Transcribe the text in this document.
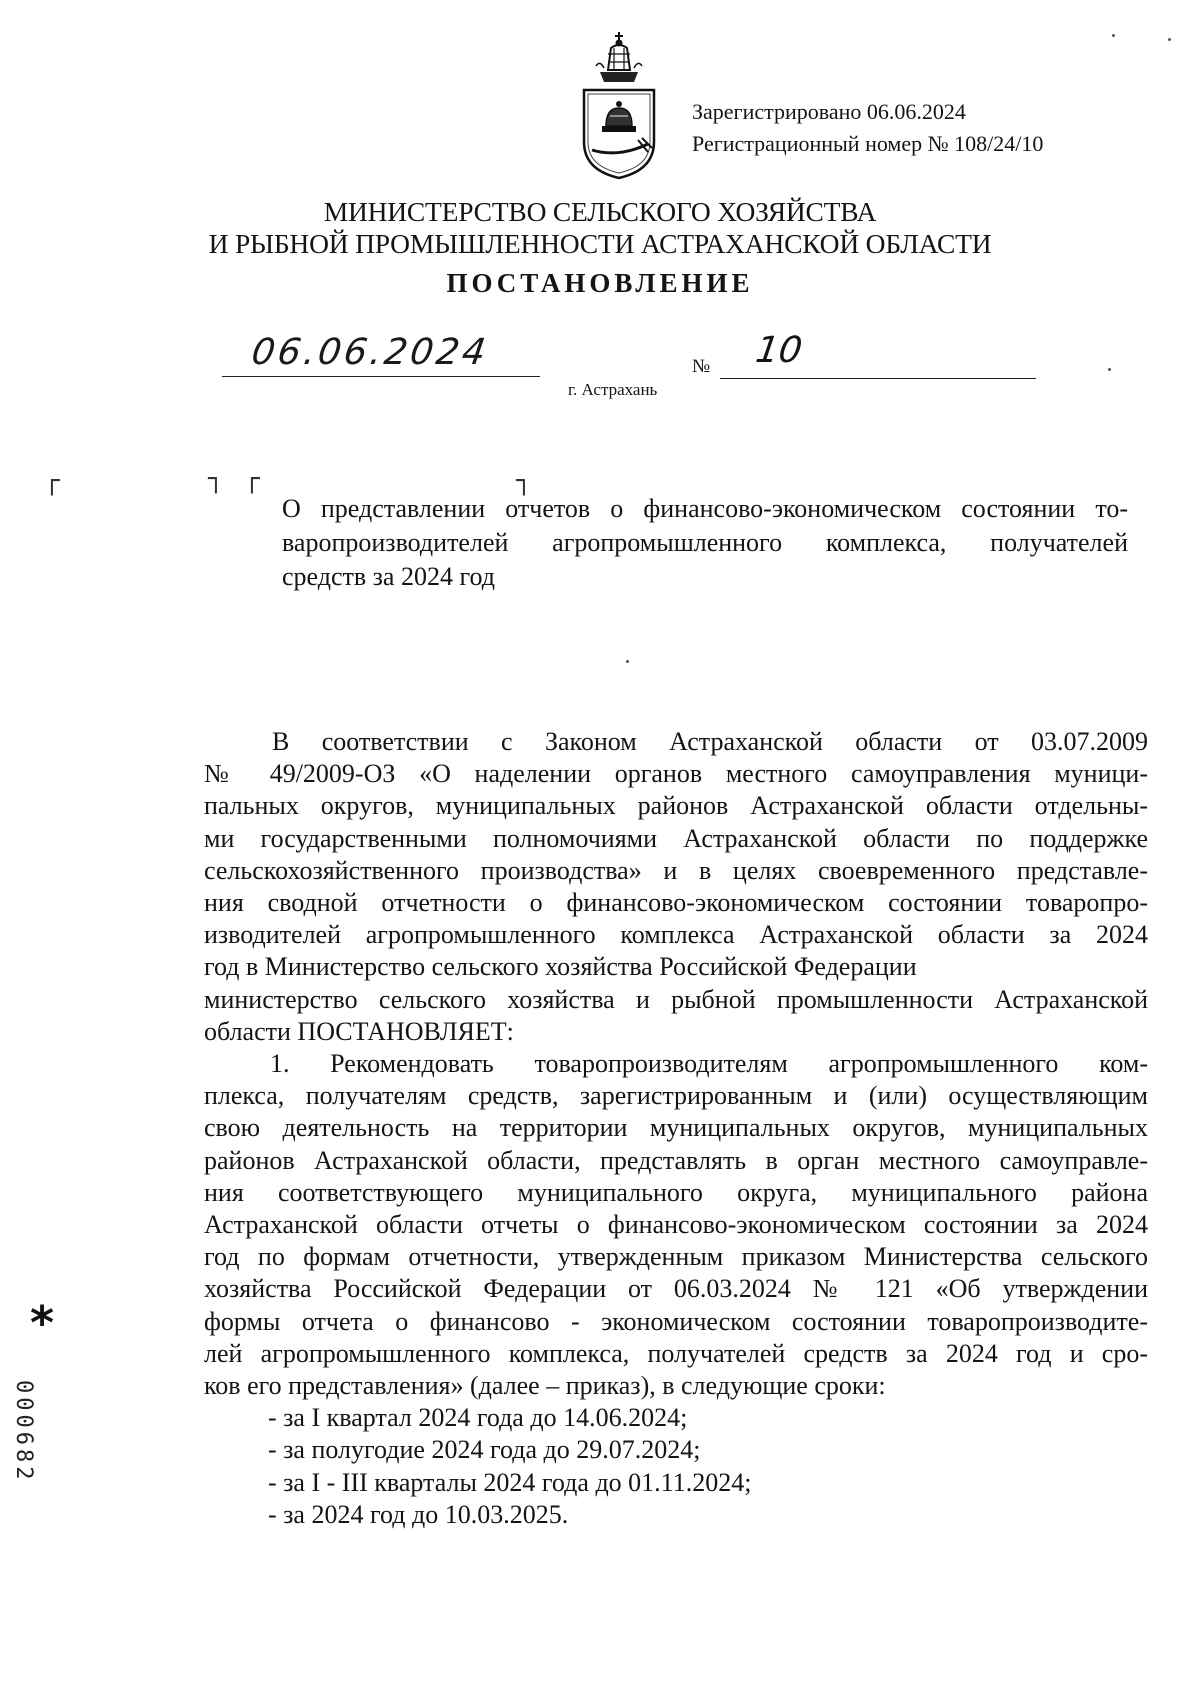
Зарегистрировано 06.06.2024
Регистрационный номер № 108/24/10
МИНИСТЕРСТВО СЕЛЬСКОГО ХОЗЯЙСТВА
И РЫБНОЙ ПРОМЫШЛЕННОСТИ АСТРАХАНСКОЙ ОБЛАСТИ
ПОСТАНОВЛЕНИЕ
06.06.2024	№ 10
г. Астрахань
┌	┐ ┌	┐
О представлении отчетов о финансово-экономическом состоянии то-
варопроизводителей агропромышленного комплекса, получателей
средств за 2024 год
В соответствии с Законом Астраханской области от 03.07.2009
№ 49/2009-ОЗ «О наделении органов местного самоуправления муници-
пальных округов, муниципальных районов Астраханской области отдельны-
ми государственными полномочиями Астраханской области по поддержке
сельскохозяйственного производства» и в целях своевременного представле-
ния сводной отчетности о финансово-экономическом состоянии товаропро-
изводителей агропромышленного комплекса Астраханской области за 2024
год в Министерство сельского хозяйства Российской Федерации
министерство сельского хозяйства и рыбной промышленности Астраханской
области ПОСТАНОВЛЯЕТ:
1. Рекомендовать товаропроизводителям агропромышленного ком-
плекса, получателям средств, зарегистрированным и (или) осуществляющим
свою деятельность на территории муниципальных округов, муниципальных
районов Астраханской области, представлять в орган местного самоуправле-
ния соответствующего муниципального округа, муниципального района
Астраханской области отчеты о финансово-экономическом состоянии за 2024
год по формам отчетности, утвержденным приказом Министерства сельского
хозяйства Российской Федерации от 06.03.2024 № 121 «Об утверждении
формы отчета о финансово - экономическом состоянии товаропроизводите-
лей агропромышленного комплекса, получателей средств за 2024 год и сро-
ков его представления» (далее – приказ), в следующие сроки:
- за I квартал 2024 года до 14.06.2024;
- за полугодие 2024 года до 29.07.2024;
- за I - III кварталы 2024 года до 01.11.2024;
- за 2024 год до 10.03.2025.
*
000682
